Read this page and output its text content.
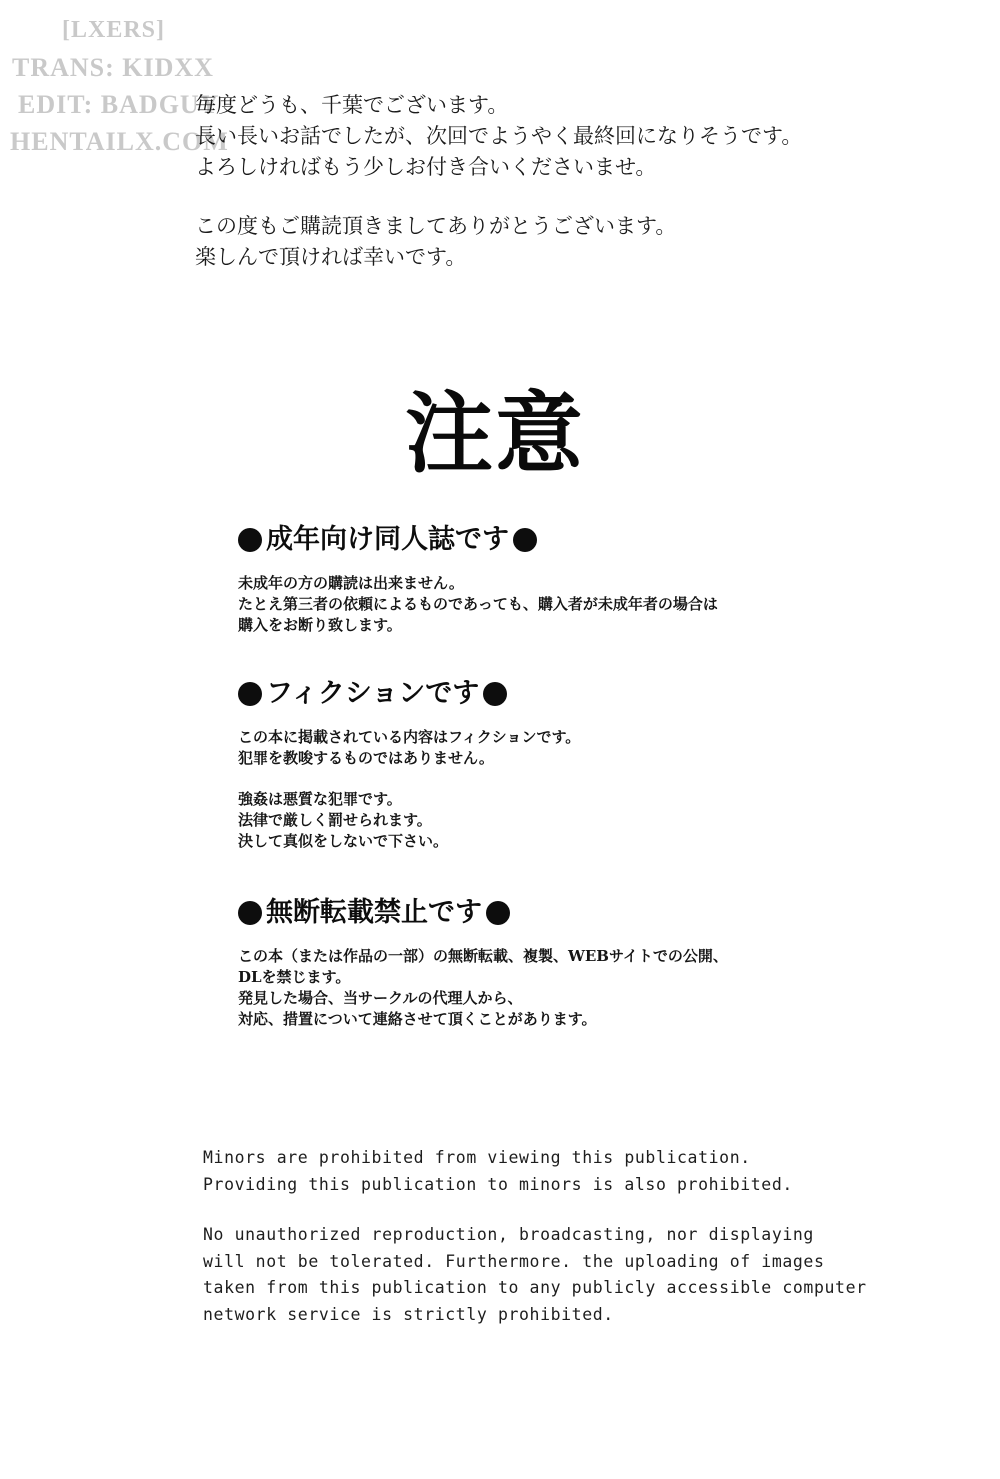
[LXERS]
TRANS: KIDXX
EDIT: BADGUY
HENTAILX.COM
毎度どうも、千葉でございます。
長い長いお話でしたが、次回でようやく最終回になりそうです。
よろしければもう少しお付き合いくださいませ。
この度もご購読頂きましてありがとうございます。
楽しんで頂ければ幸いです。
注意
成年向け同人誌です
未成年の方の購読は出来ません。
たとえ第三者の依頼によるものであっても、購入者が未成年者の場合は
購入をお断り致します。
フィクションです
この本に掲載されている内容はフィクションです。
犯罪を教唆するものではありません。
強姦は悪質な犯罪です。
法律で厳しく罰せられます。
決して真似をしないで下さい。
無断転載禁止です
この本（または作品の一部）の無断転載、複製、WEBサイトでの公開、
DLを禁じます。
発見した場合、当サークルの代理人から、
対応、措置について連絡させて頂くことがあります。
Minors are prohibited from viewing this publication.
Providing this publication to minors is also prohibited.
No unauthorized reproduction, broadcasting, nor displaying
will not be tolerated. Furthermore. the uploading of images
taken from this publication to any publicly accessible computer
network service is strictly prohibited.
